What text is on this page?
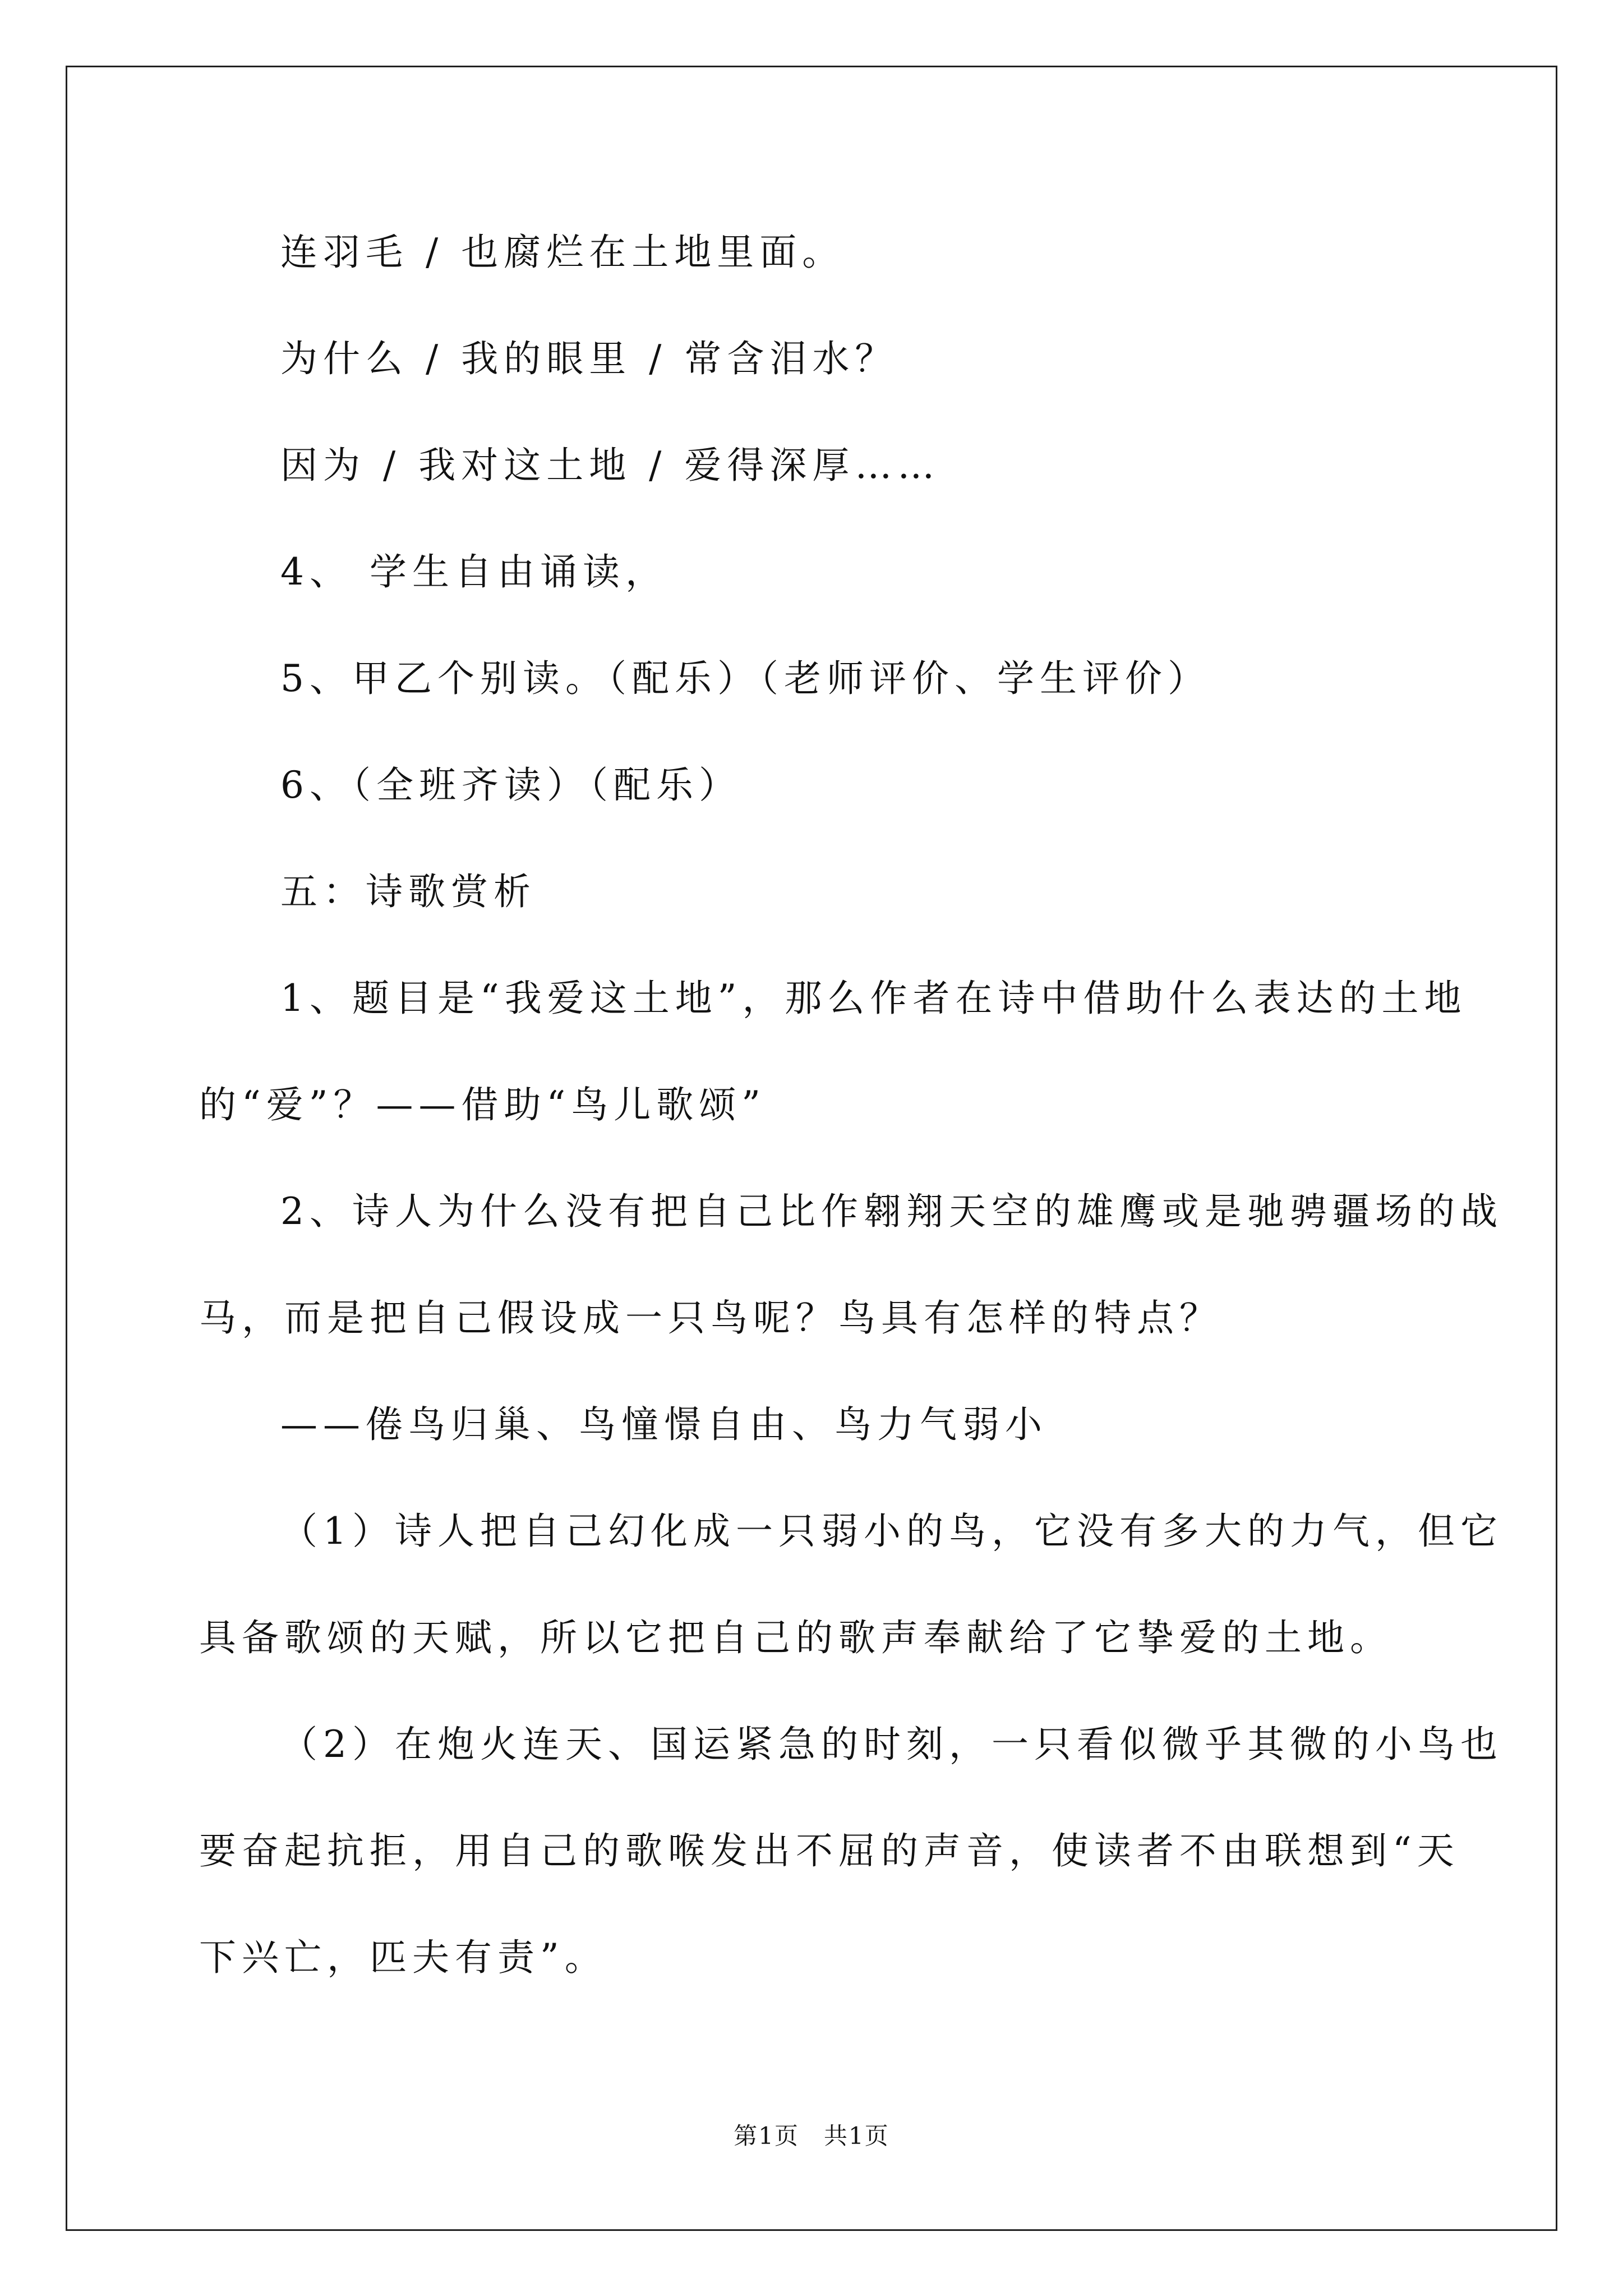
连羽毛 / 也腐烂在土地里面。
为什么 / 我的眼里 / 常含泪水？
因为 / 我对这土地 / 爱得深厚……
4、 学生自由诵读，
5、甲乙个别读。（配乐）（老师评价、学生评价）
6、（全班齐读）（配乐）
五：诗歌赏析
1、题目是“我爱这土地”，那么作者在诗中借助什么表达的土地
的“爱”？——借助“鸟儿歌颂”
2、诗人为什么没有把自己比作翱翔天空的雄鹰或是驰骋疆场的战
马，而是把自己假设成一只鸟呢？鸟具有怎样的特点？
——倦鸟归巢、鸟憧憬自由、鸟力气弱小
（1）诗人把自己幻化成一只弱小的鸟，它没有多大的力气，但它
具备歌颂的天赋，所以它把自己的歌声奉献给了它挚爱的土地。
（2）在炮火连天、国运紧急的时刻，一只看似微乎其微的小鸟也
要奋起抗拒，用自己的歌喉发出不屈的声音，使读者不由联想到“天
下兴亡，匹夫有责”。
第1页　共1页
